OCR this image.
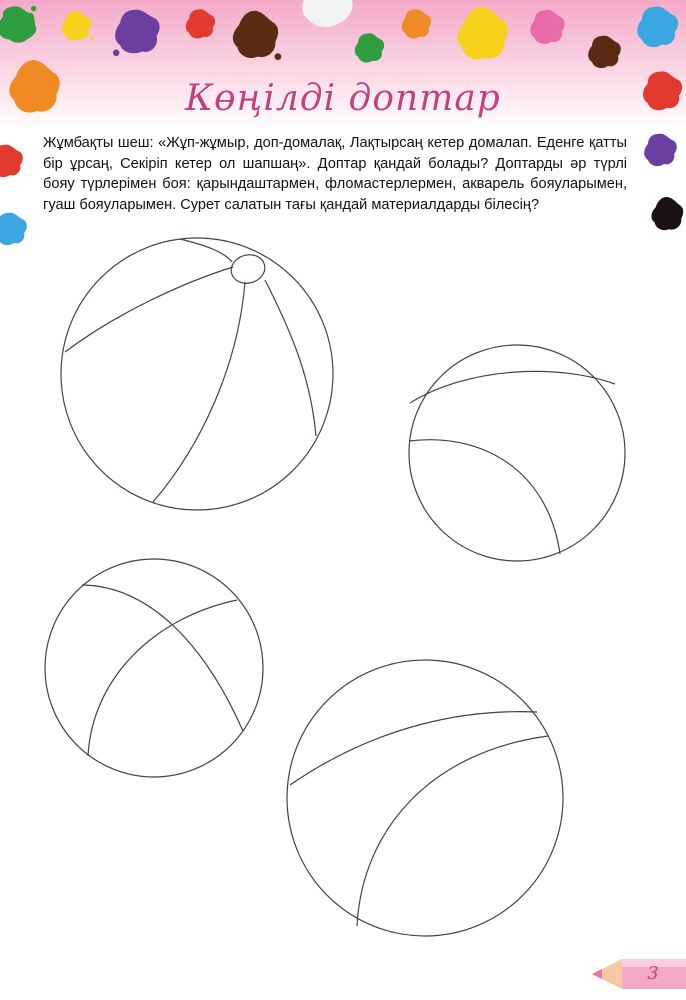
Көңілді доптар
Жұмбақты шеш: «Жұп-жұмыр, доп-домалақ, Лақтырсаң кетер домалап. Еденге қатты бір ұрсаң, Секіріп кетер ол шапшаң». Доптар қандай болады? Доптарды әр түрлі бояу түрлерімен боя: қарындаштармен, фломастерлермен, акварель бояуларымен, гуаш бояуларымен. Сурет салатын тағы қандай материалдарды білесің?
3
